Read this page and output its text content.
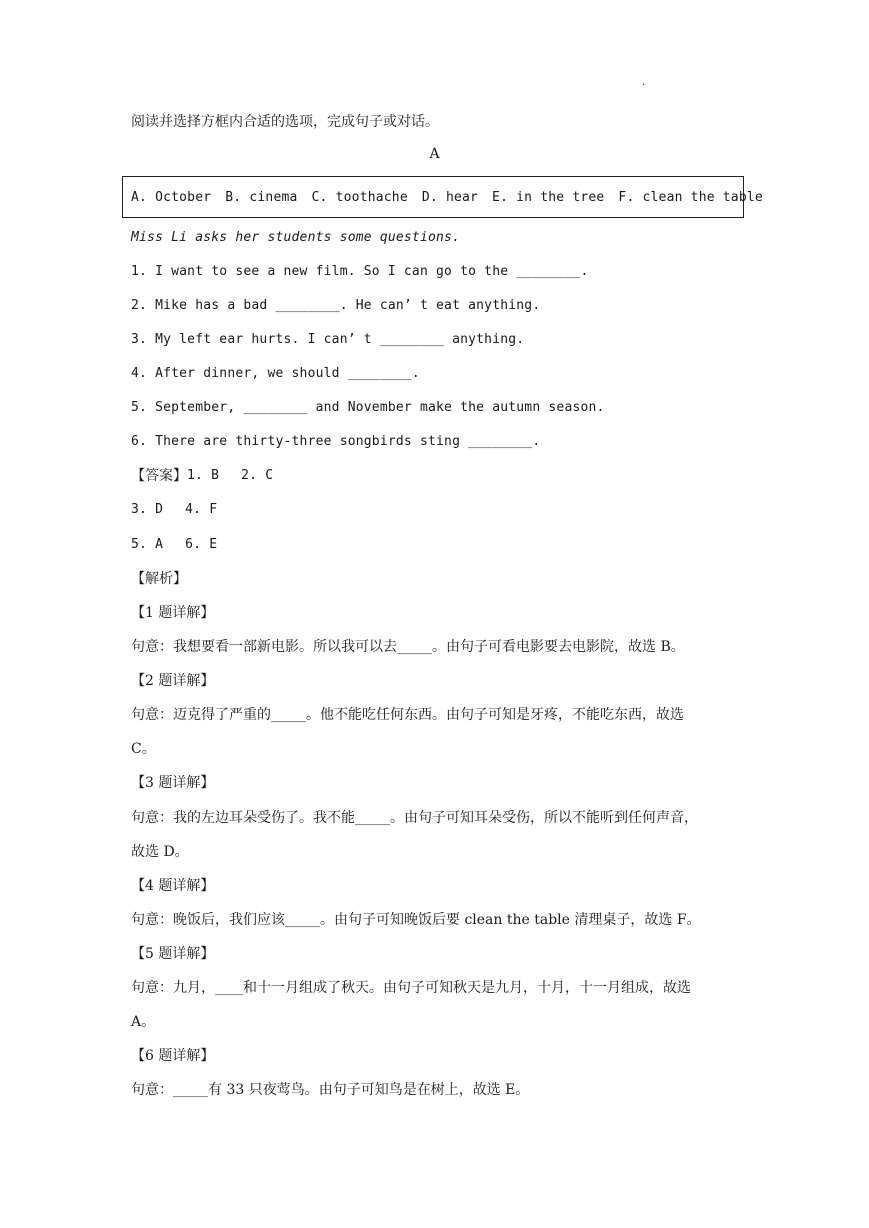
·
阅读并选择方框内合适的选项，完成句子或对话。
A
A. October B. cinema C. toothache D. hear E. in the tree F. clean the table
Miss Li asks her students some questions.
1. I want to see a new film. So I can go to the ________.
2. Mike has a bad ________. He can’ t eat anything.
3. My left ear hurts. I can’ t ________ anything.
4. After dinner, we should ________.
5. September, ________ and November make the autumn season.
6. There are thirty-three songbirds sting ________.
【答案】 1. B 2. C
3. D 4. F
5. A 6. E
【解析】
【1 题详解】
句意：我想要看一部新电影。所以我可以去_____。由句子可看电影要去电影院，故选 B。
【2 题详解】
句意：迈克得了严重的_____。他不能吃任何东西。由句子可知是牙疼，不能吃东西，故选
C。
【3 题详解】
句意：我的左边耳朵受伤了。我不能_____。由句子可知耳朵受伤，所以不能听到任何声音，
故选 D。
【4 题详解】
句意：晚饭后，我们应该_____。由句子可知晚饭后要 clean the table 清理桌子，故选 F。
【5 题详解】
句意：九月，____和十一月组成了秋天。由句子可知秋天是九月，十月，十一月组成，故选
A。
【6 题详解】
句意：_____有 33 只夜莺鸟。由句子可知鸟是在树上，故选 E。
